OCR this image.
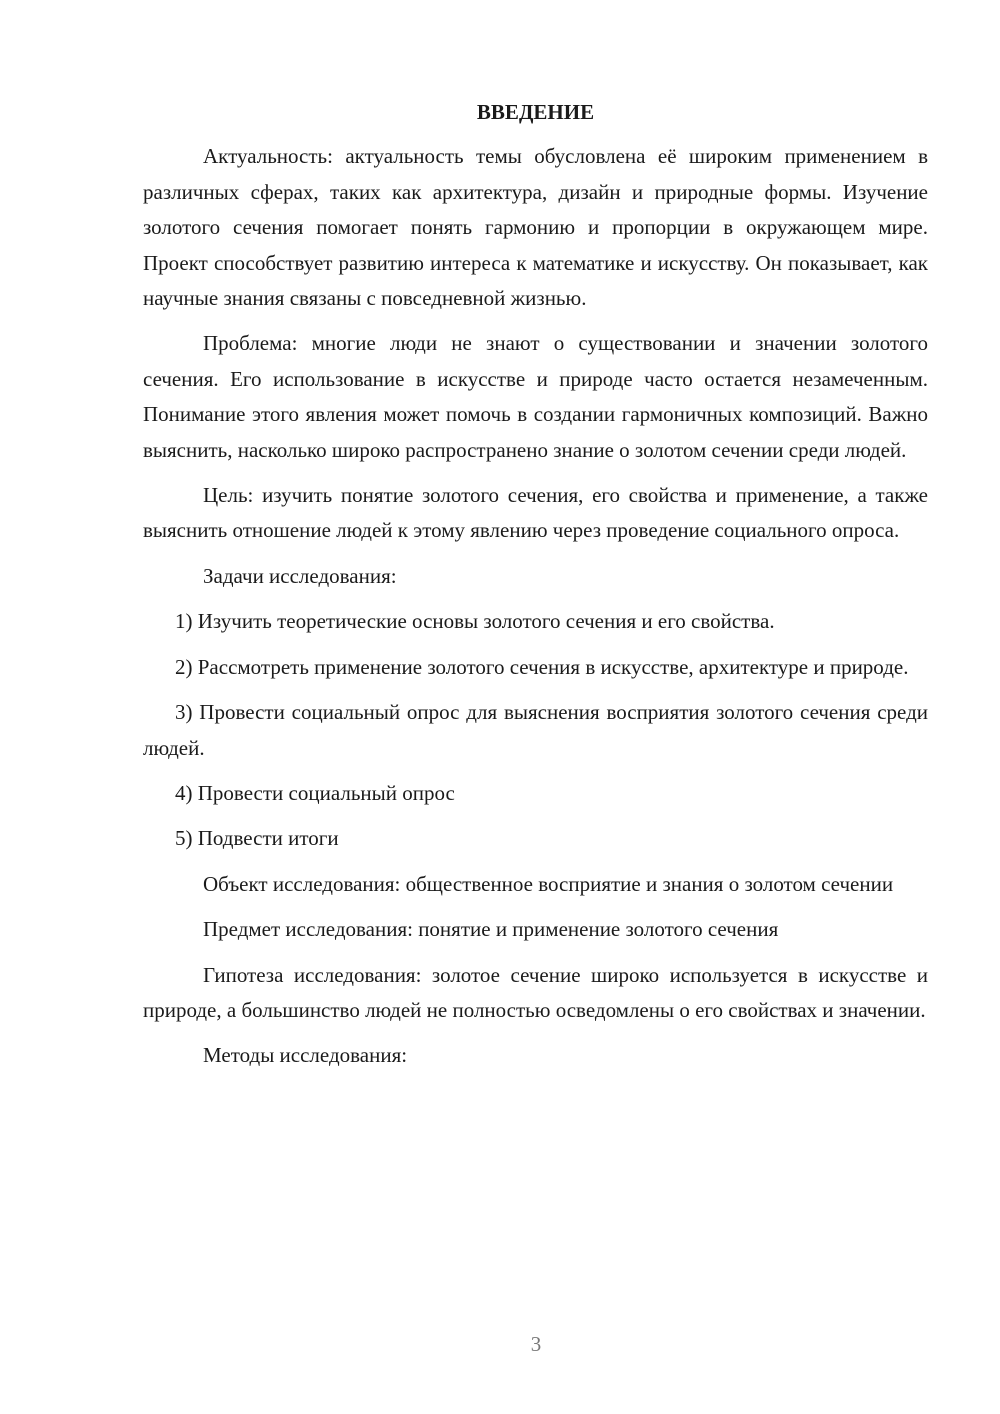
ВВЕДЕНИЕ

Актуальность: актуальность темы обусловлена её широким применением в различных сферах, таких как архитектура, дизайн и природные формы. Изучение золотого сечения помогает понять гармонию и пропорции в окружающем мире. Проект способствует развитию интереса к математике и искусству. Он показывает, как научные знания связаны с повседневной жизнью.

Проблема: многие люди не знают о существовании и значении золотого сечения. Его использование в искусстве и природе часто остается незамеченным. Понимание этого явления может помочь в создании гармоничных композиций. Важно выяснить, насколько широко распространено знание о золотом сечении среди людей.

Цель: изучить понятие золотого сечения, его свойства и применение, а также выяснить отношение людей к этому явлению через проведение социального опроса.

Задачи исследования:

1) Изучить теоретические основы золотого сечения и его свойства.

2) Рассмотреть применение золотого сечения в искусстве, архитектуре и природе.

3) Провести социальный опрос для выяснения восприятия золотого сечения среди людей.

4) Провести социальный опрос

5) Подвести итоги

Объект исследования: общественное восприятие и знания о золотом сечении

Предмет исследования: понятие и применение золотого сечения

Гипотеза исследования: золотое сечение широко используется в искусстве и природе, а большинство людей не полностью осведомлены о его свойствах и значении.

Методы исследования:

3
